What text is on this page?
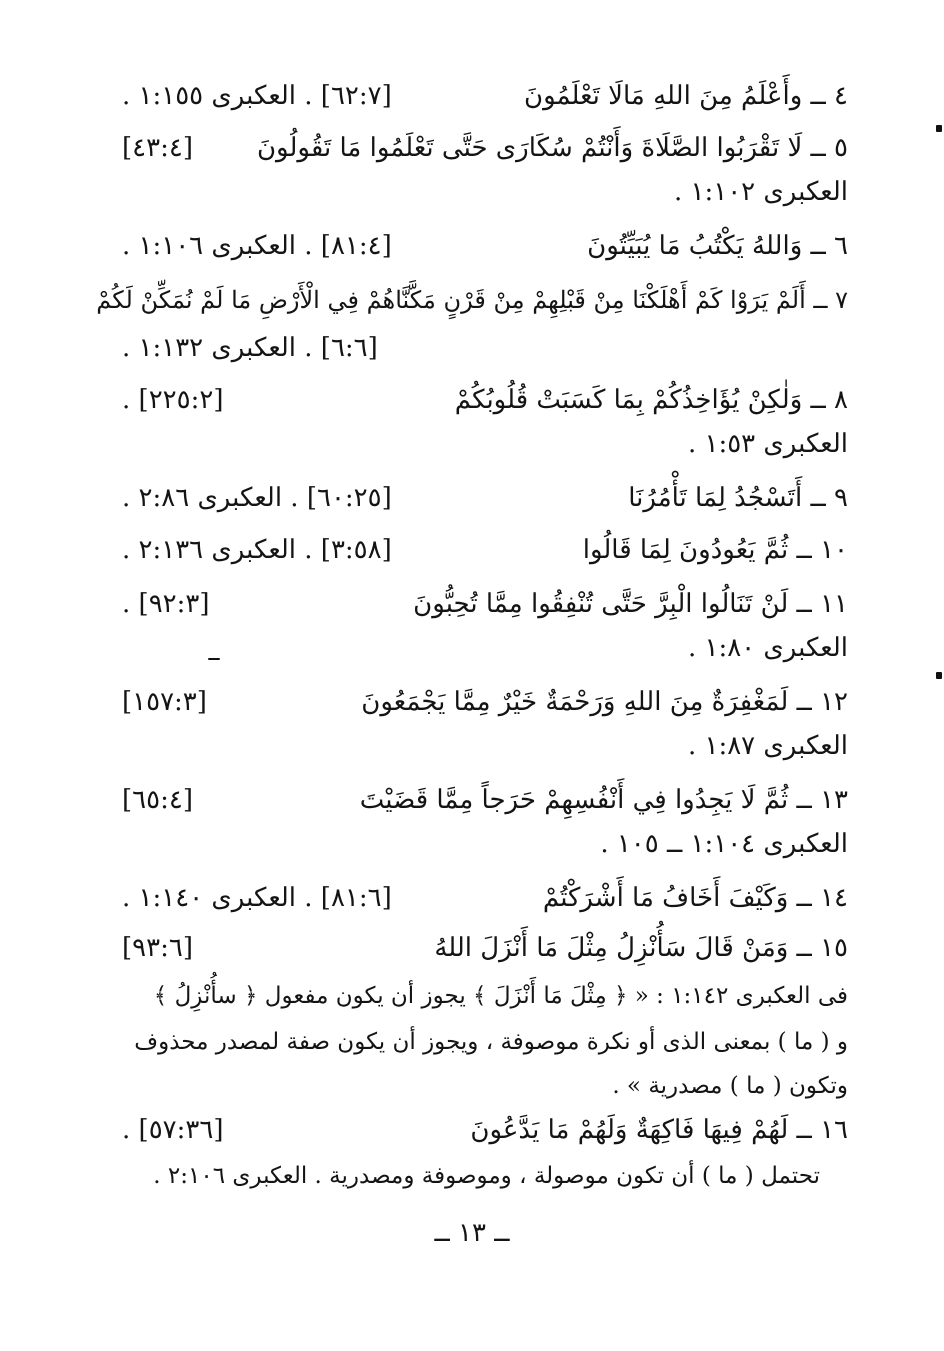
٤ ــ وأَعْلَمُ مِنَ اللهِ مَالَا تَعْلَمُونَ
[٦٢:٧] . العكبرى ١:١٥٥ .
٥ ــ لَا تَقْرَبُوا الصَّلَاةَ وَأَنْتُمْ سُكَارَى حَتَّى تَعْلَمُوا مَا تَقُولُونَ
[٤٣:٤]
العكبرى ١:١٠٢ .
٦ ــ وَاللهُ يَكْتُبُ مَا يُبَيِّتُونَ
[٨١:٤] . العكبرى ١:١٠٦ .
٧ ــ أَلَمْ يَرَوْا كَمْ أَهْلَكْنَا مِنْ قَبْلِهِمْ مِنْ قَرْنٍ مَكَّنَّاهُمْ فِي الْأَرْضِ مَا لَمْ نُمَكِّنْ لَكُمْ
[٦:٦] . العكبرى ١:١٣٢ .
٨ ــ وَلٰكِنْ يُؤَاخِذُكُمْ بِمَا كَسَبَتْ قُلُوبُكُمْ
[٢٢٥:٢] .
العكبرى ١:٥٣ .
٩ ــ أَتَسْجُدُ لِمَا تَأْمُرُنَا
[٦٠:٢٥] . العكبرى ٢:٨٦ .
١٠ ــ ثُمَّ يَعُودُونَ لِمَا قَالُوا
[٣:٥٨] . العكبرى ٢:١٣٦ .
١١ ــ لَنْ تَنَالُوا الْبِرَّ حَتَّى تُنْفِقُوا مِمَّا تُحِبُّونَ
[٩٢:٣] .
العكبرى ١:٨٠ .
١٢ ــ لَمَغْفِرَةٌ مِنَ اللهِ وَرَحْمَةٌ خَيْرٌ مِمَّا يَجْمَعُونَ
[١٥٧:٣]
العكبرى ١:٨٧ .
١٣ ــ ثُمَّ لَا يَجِدُوا فِي أَنْفُسِهِمْ حَرَجاً مِمَّا قَضَيْتَ
[٦٥:٤]
العكبرى ١:١٠٤ ــ ١٠٥ .
١٤ ــ وَكَيْفَ أَخَافُ مَا أَشْرَكْتُمْ
[٨١:٦] . العكبرى ١:١٤٠ .
١٥ ــ وَمَنْ قَالَ سَأُنْزِلُ مِثْلَ مَا أَنْزَلَ اللهُ
[٩٣:٦]
فى العكبرى ١:١٤٢ : « ﴿ مِثْلَ مَا أَنْزَلَ ﴾ يجوز أن يكون مفعول ﴿ سأُنْزِلُ ﴾
و ( ما ) بمعنى الذى أو نكرة موصوفة ، ويجوز أن يكون صفة لمصدر محذوف
وتكون ( ما ) مصدرية » .
١٦ ــ لَهُمْ فِيهَا فَاكِهَةٌ وَلَهُمْ مَا يَدَّعُونَ
[٥٧:٣٦] .
تحتمل ( ما ) أن تكون موصولة ، وموصوفة ومصدرية . العكبرى ٢:١٠٦ .
ــ ١٣ ــ
